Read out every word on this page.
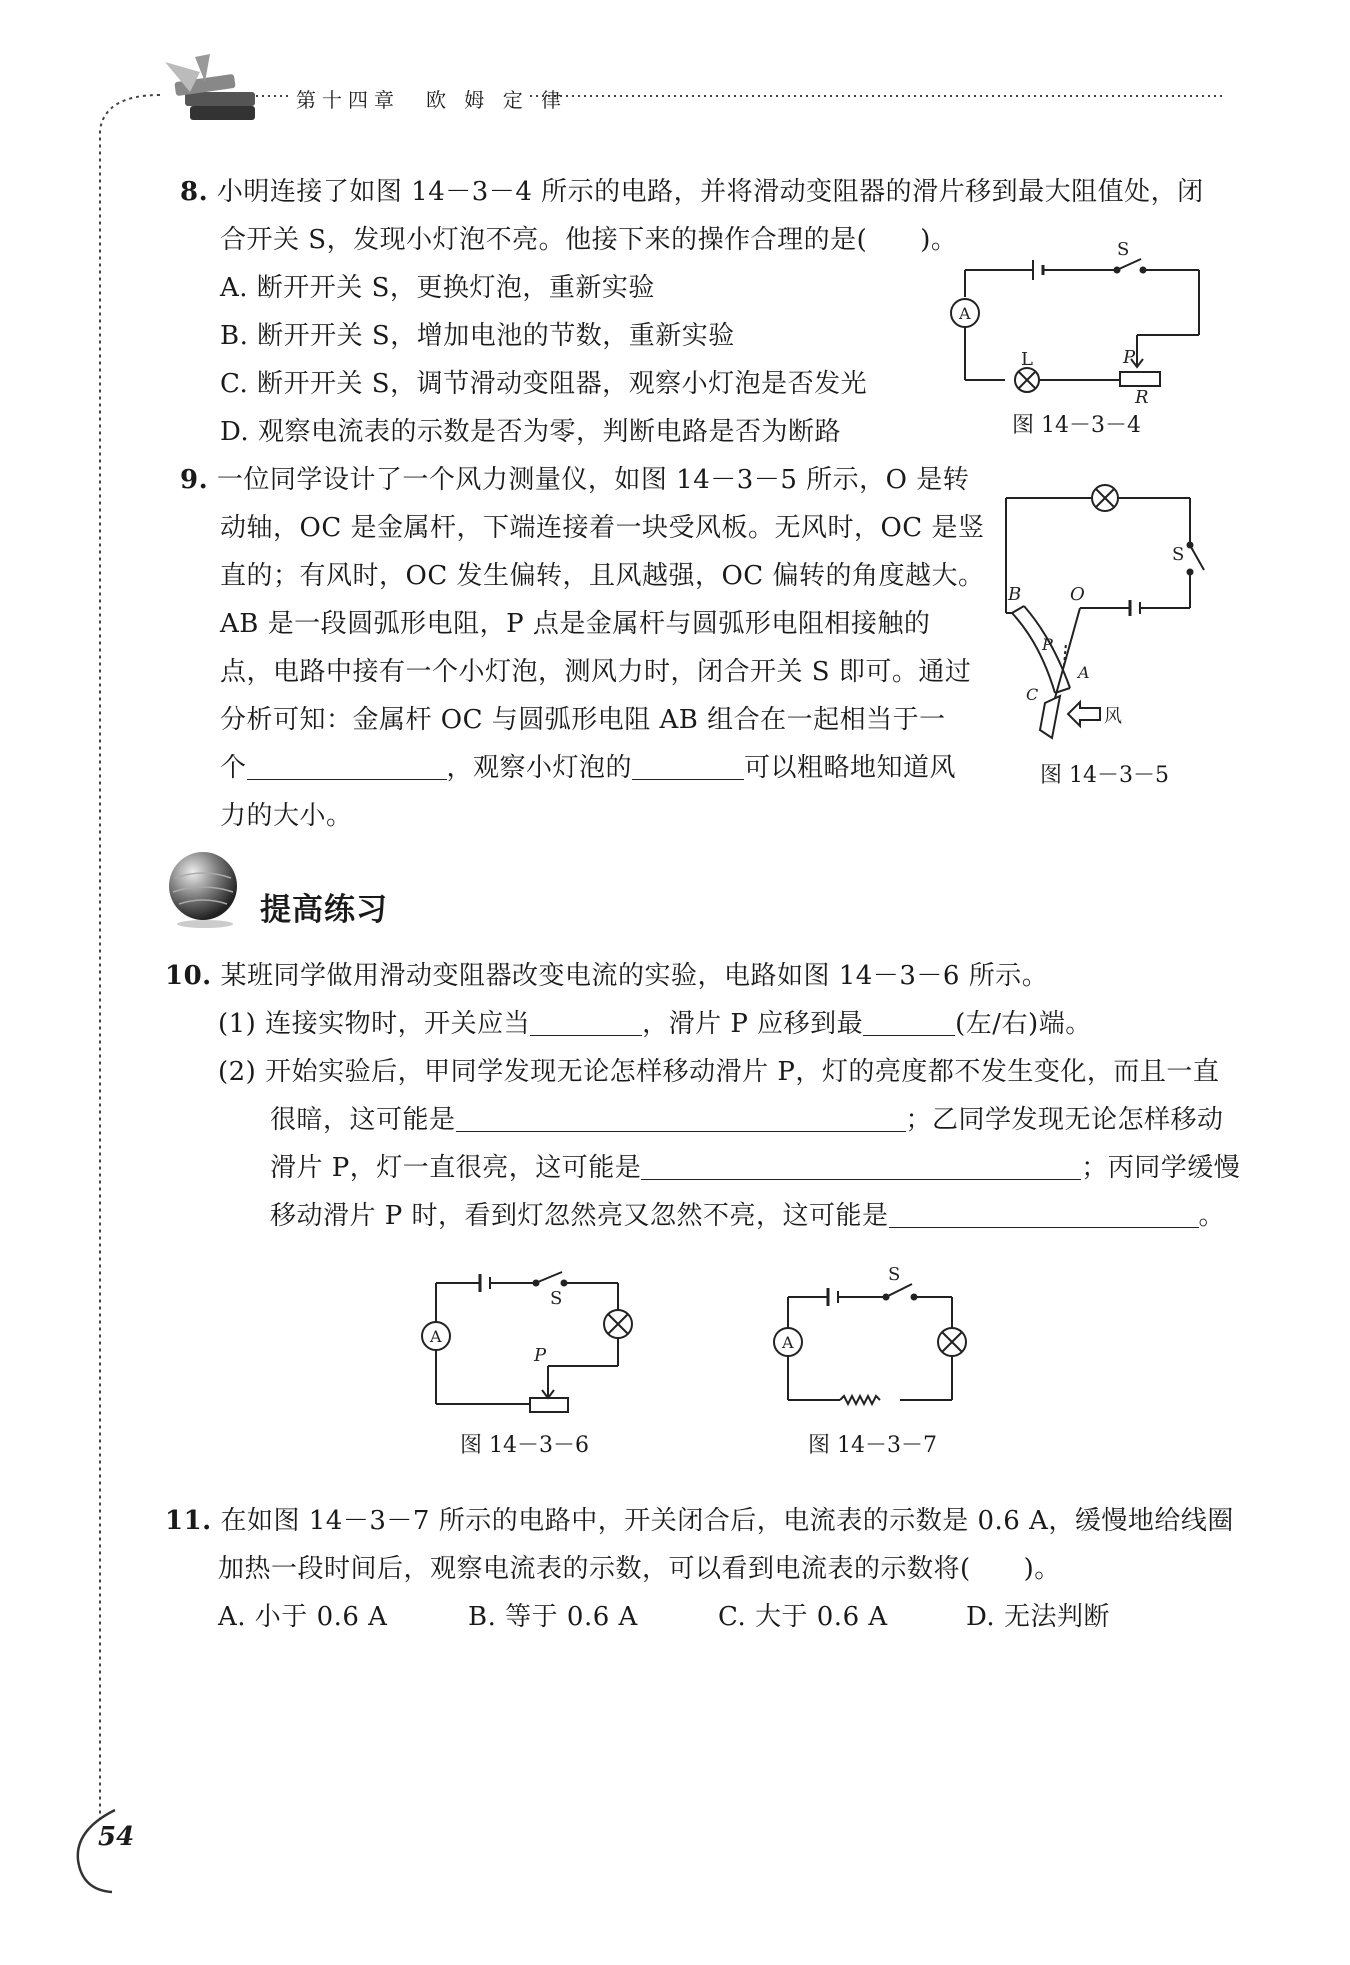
第十四章　欧 姆 定 律
8. 小明连接了如图 14－3－4 所示的电路，并将滑动变阻器的滑片移到最大阻值处，闭
合开关 S，发现小灯泡不亮。他接下来的操作合理的是(　　)。
A. 断开开关 S，更换灯泡，重新实验
B. 断开开关 S，增加电池的节数，重新实验
C. 断开开关 S，调节滑动变阻器，观察小灯泡是否发光
D. 观察电流表的示数是否为零，判断电路是否为断路
S
A
L	P
R
图 14－3－4
9. 一位同学设计了一个风力测量仪，如图 14－3－5 所示，O 是转
动轴，OC 是金属杆，下端连接着一块受风板。无风时，OC 是竖
直的；有风时，OC 发生偏转，且风越强，OC 偏转的角度越大。
AB 是一段圆弧形电阻，P 点是金属杆与圆弧形电阻相接触的
点，电路中接有一个小灯泡，测风力时，闭合开关 S 即可。通过
分析可知：金属杆 OC 与圆弧形电阻 AB 组合在一起相当于一
个	，观察小灯泡的	可以粗略地知道风
力的大小。
B	O
S
P
A
C
风
图 14－3－5
提高练习
10. 某班同学做用滑动变阻器改变电流的实验，电路如图 14－3－6 所示。
(1) 连接实物时，开关应当	，滑片 P 应移到最	(左/右)端。
(2) 开始实验后，甲同学发现无论怎样移动滑片 P，灯的亮度都不发生变化，而且一直
很暗，这可能是	；乙同学发现无论怎样移动
滑片 P，灯一直很亮，这可能是	；丙同学缓慢
移动滑片 P 时，看到灯忽然亮又忽然不亮，这可能是	。
S
A
P
图 14－3－6
S
A
图 14－3－7
11. 在如图 14－3－7 所示的电路中，开关闭合后，电流表的示数是 0.6 A，缓慢地给线圈
加热一段时间后，观察电流表的示数，可以看到电流表的示数将(　　)。
A. 小于 0.6 A	B. 等于 0.6 A	C. 大于 0.6 A	D. 无法判断
54
